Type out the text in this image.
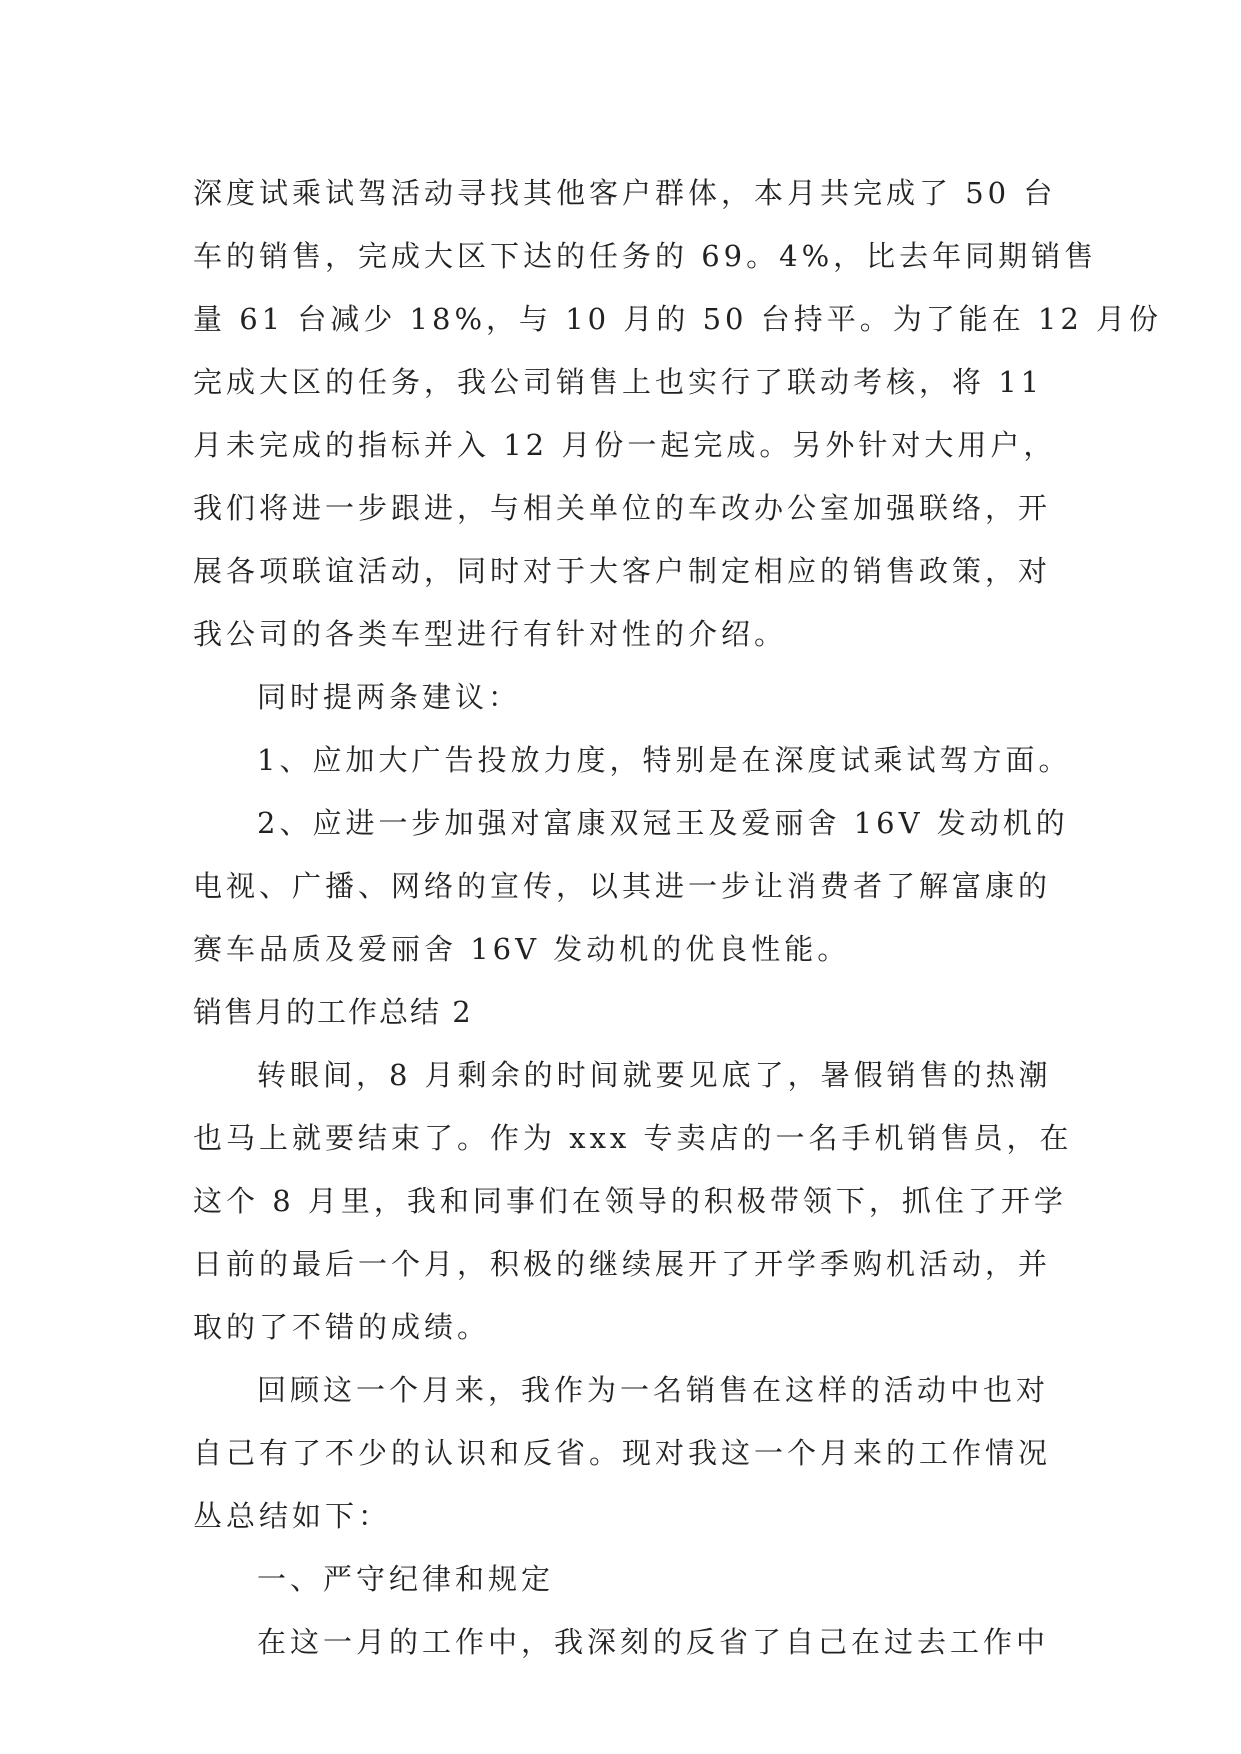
深度试乘试驾活动寻找其他客户群体，本月共完成了 50 台
车的销售，完成大区下达的任务的 69。4%，比去年同期销售
量 61 台减少 18%，与 10 月的 50 台持平。为了能在 12 月份
完成大区的任务，我公司销售上也实行了联动考核，将 11
月未完成的指标并入 12 月份一起完成。另外针对大用户，
我们将进一步跟进，与相关单位的车改办公室加强联络，开
展各项联谊活动，同时对于大客户制定相应的销售政策，对
我公司的各类车型进行有针对性的介绍。
同时提两条建议：
1、应加大广告投放力度，特别是在深度试乘试驾方面。
2、应进一步加强对富康双冠王及爱丽舍 16V 发动机的
电视、广播、网络的宣传，以其进一步让消费者了解富康的
赛车品质及爱丽舍 16V 发动机的优良性能。
销售月的工作总结 2
转眼间，8 月剩余的时间就要见底了，暑假销售的热潮
也马上就要结束了。作为 xxx 专卖店的一名手机销售员，在
这个 8 月里，我和同事们在领导的积极带领下，抓住了开学
日前的最后一个月，积极的继续展开了开学季购机活动，并
取的了不错的成绩。
回顾这一个月来，我作为一名销售在这样的活动中也对
自己有了不少的认识和反省。现对我这一个月来的工作情况
丛总结如下：
一、严守纪律和规定
在这一月的工作中，我深刻的反省了自己在过去工作中
